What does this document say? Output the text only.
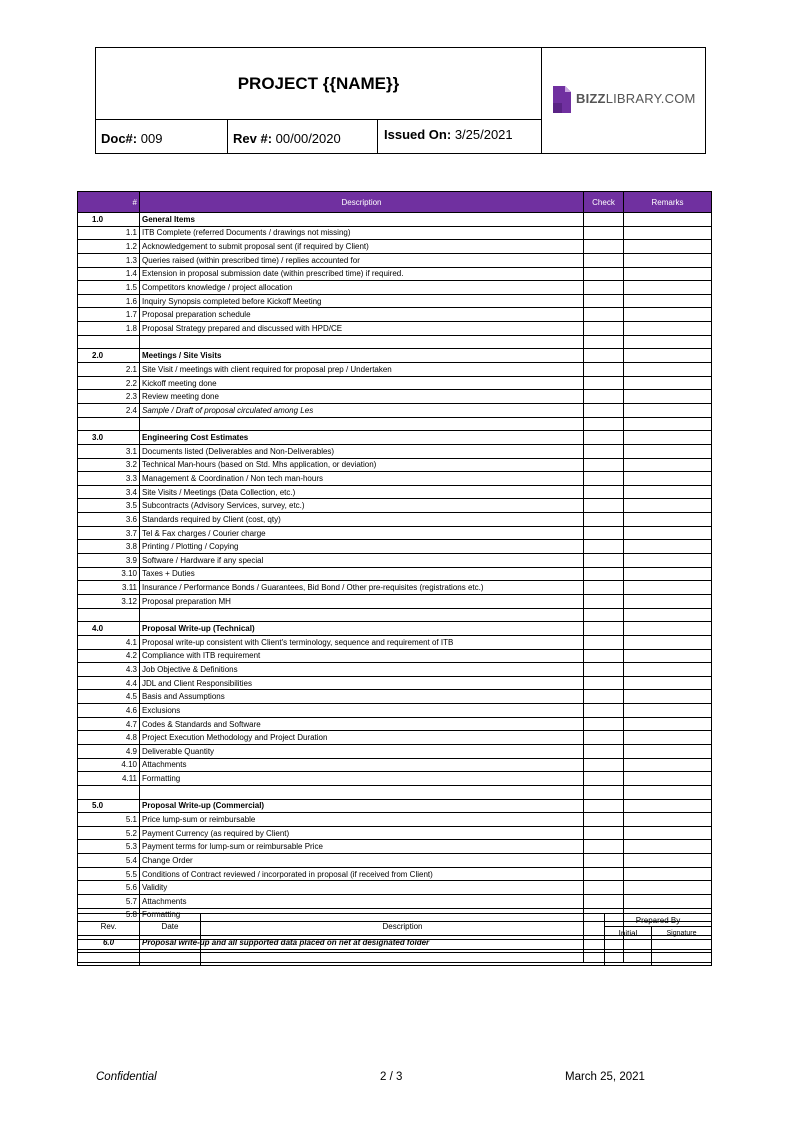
PROJECT {{NAME}}
Doc#: 009	Rev #: 00/00/2020	Issued On: 3/25/2021
BIZZLIBRARY.COM
#	Description	Check	Remarks
1.0	General Items		
1.1	ITB Complete (referred Documents / drawings not missing)		
1.2	Acknowledgement to submit proposal sent (if required by Client)		
1.3	Queries raised (within prescribed time) / replies accounted for		
1.4	Extension in proposal submission date (within prescribed time) if required.		
1.5	Competitors knowledge / project allocation		
1.6	Inquiry Synopsis completed before Kickoff Meeting		
1.7	Proposal preparation schedule		
1.8	Proposal Strategy prepared and discussed with HPD/CE		

2.0	Meetings / Site Visits		
2.1	Site Visit / meetings with client required for proposal prep / Undertaken		
2.2	Kickoff meeting done		
2.3	Review meeting done		
2.4	Sample / Draft of proposal circulated among Les		

3.0	Engineering Cost Estimates		
3.1	Documents listed (Deliverables and Non-Deliverables)		
3.2	Technical Man-hours (based on Std. Mhs application, or deviation)		
3.3	Management & Coordination / Non tech man-hours		
3.4	Site Visits / Meetings (Data Collection, etc.)		
3.5	Subcontracts (Advisory Services, survey, etc.)		
3.6	Standards required by Client (cost, qty)		
3.7	Tel & Fax charges / Courier charge		
3.8	Printing / Plotting / Copying		
3.9	Software / Hardware if any special		
3.10	Taxes + Duties		
3.11	Insurance / Performance Bonds / Guarantees, Bid Bond / Other pre-requisites (registrations etc.)		
3.12	Proposal preparation MH		

4.0	Proposal Write-up (Technical)		
4.1	Proposal write-up consistent with Client's terminology, sequence and requirement of ITB		
4.2	Compliance with ITB requirement		
4.3	Job Objective & Definitions		
4.4	JDL and Client Responsibilities		
4.5	Basis and Assumptions		
4.6	Exclusions		
4.7	Codes & Standards and Software		
4.8	Project Execution Methodology and Project Duration		
4.9	Deliverable Quantity		
4.10	Attachments		
4.11	Formatting		

5.0	Proposal Write-up (Commercial)		
5.1	Price lump-sum or reimbursable		
5.2	Payment Currency (as required by Client)		
5.3	Payment terms for lump-sum or reimbursable Price		
5.4	Change Order		
5.5	Conditions of Contract reviewed / incorporated in proposal (if received from Client)		
5.6	Validity		
5.7	Attachments		
5.8	Formatting		

6.0	Proposal write-up and all supported data placed on net at designated folder		

Rev.	Date	Description	Prepared By	
			Initial	Signature

Confidential	2 / 3	March 25, 2021
